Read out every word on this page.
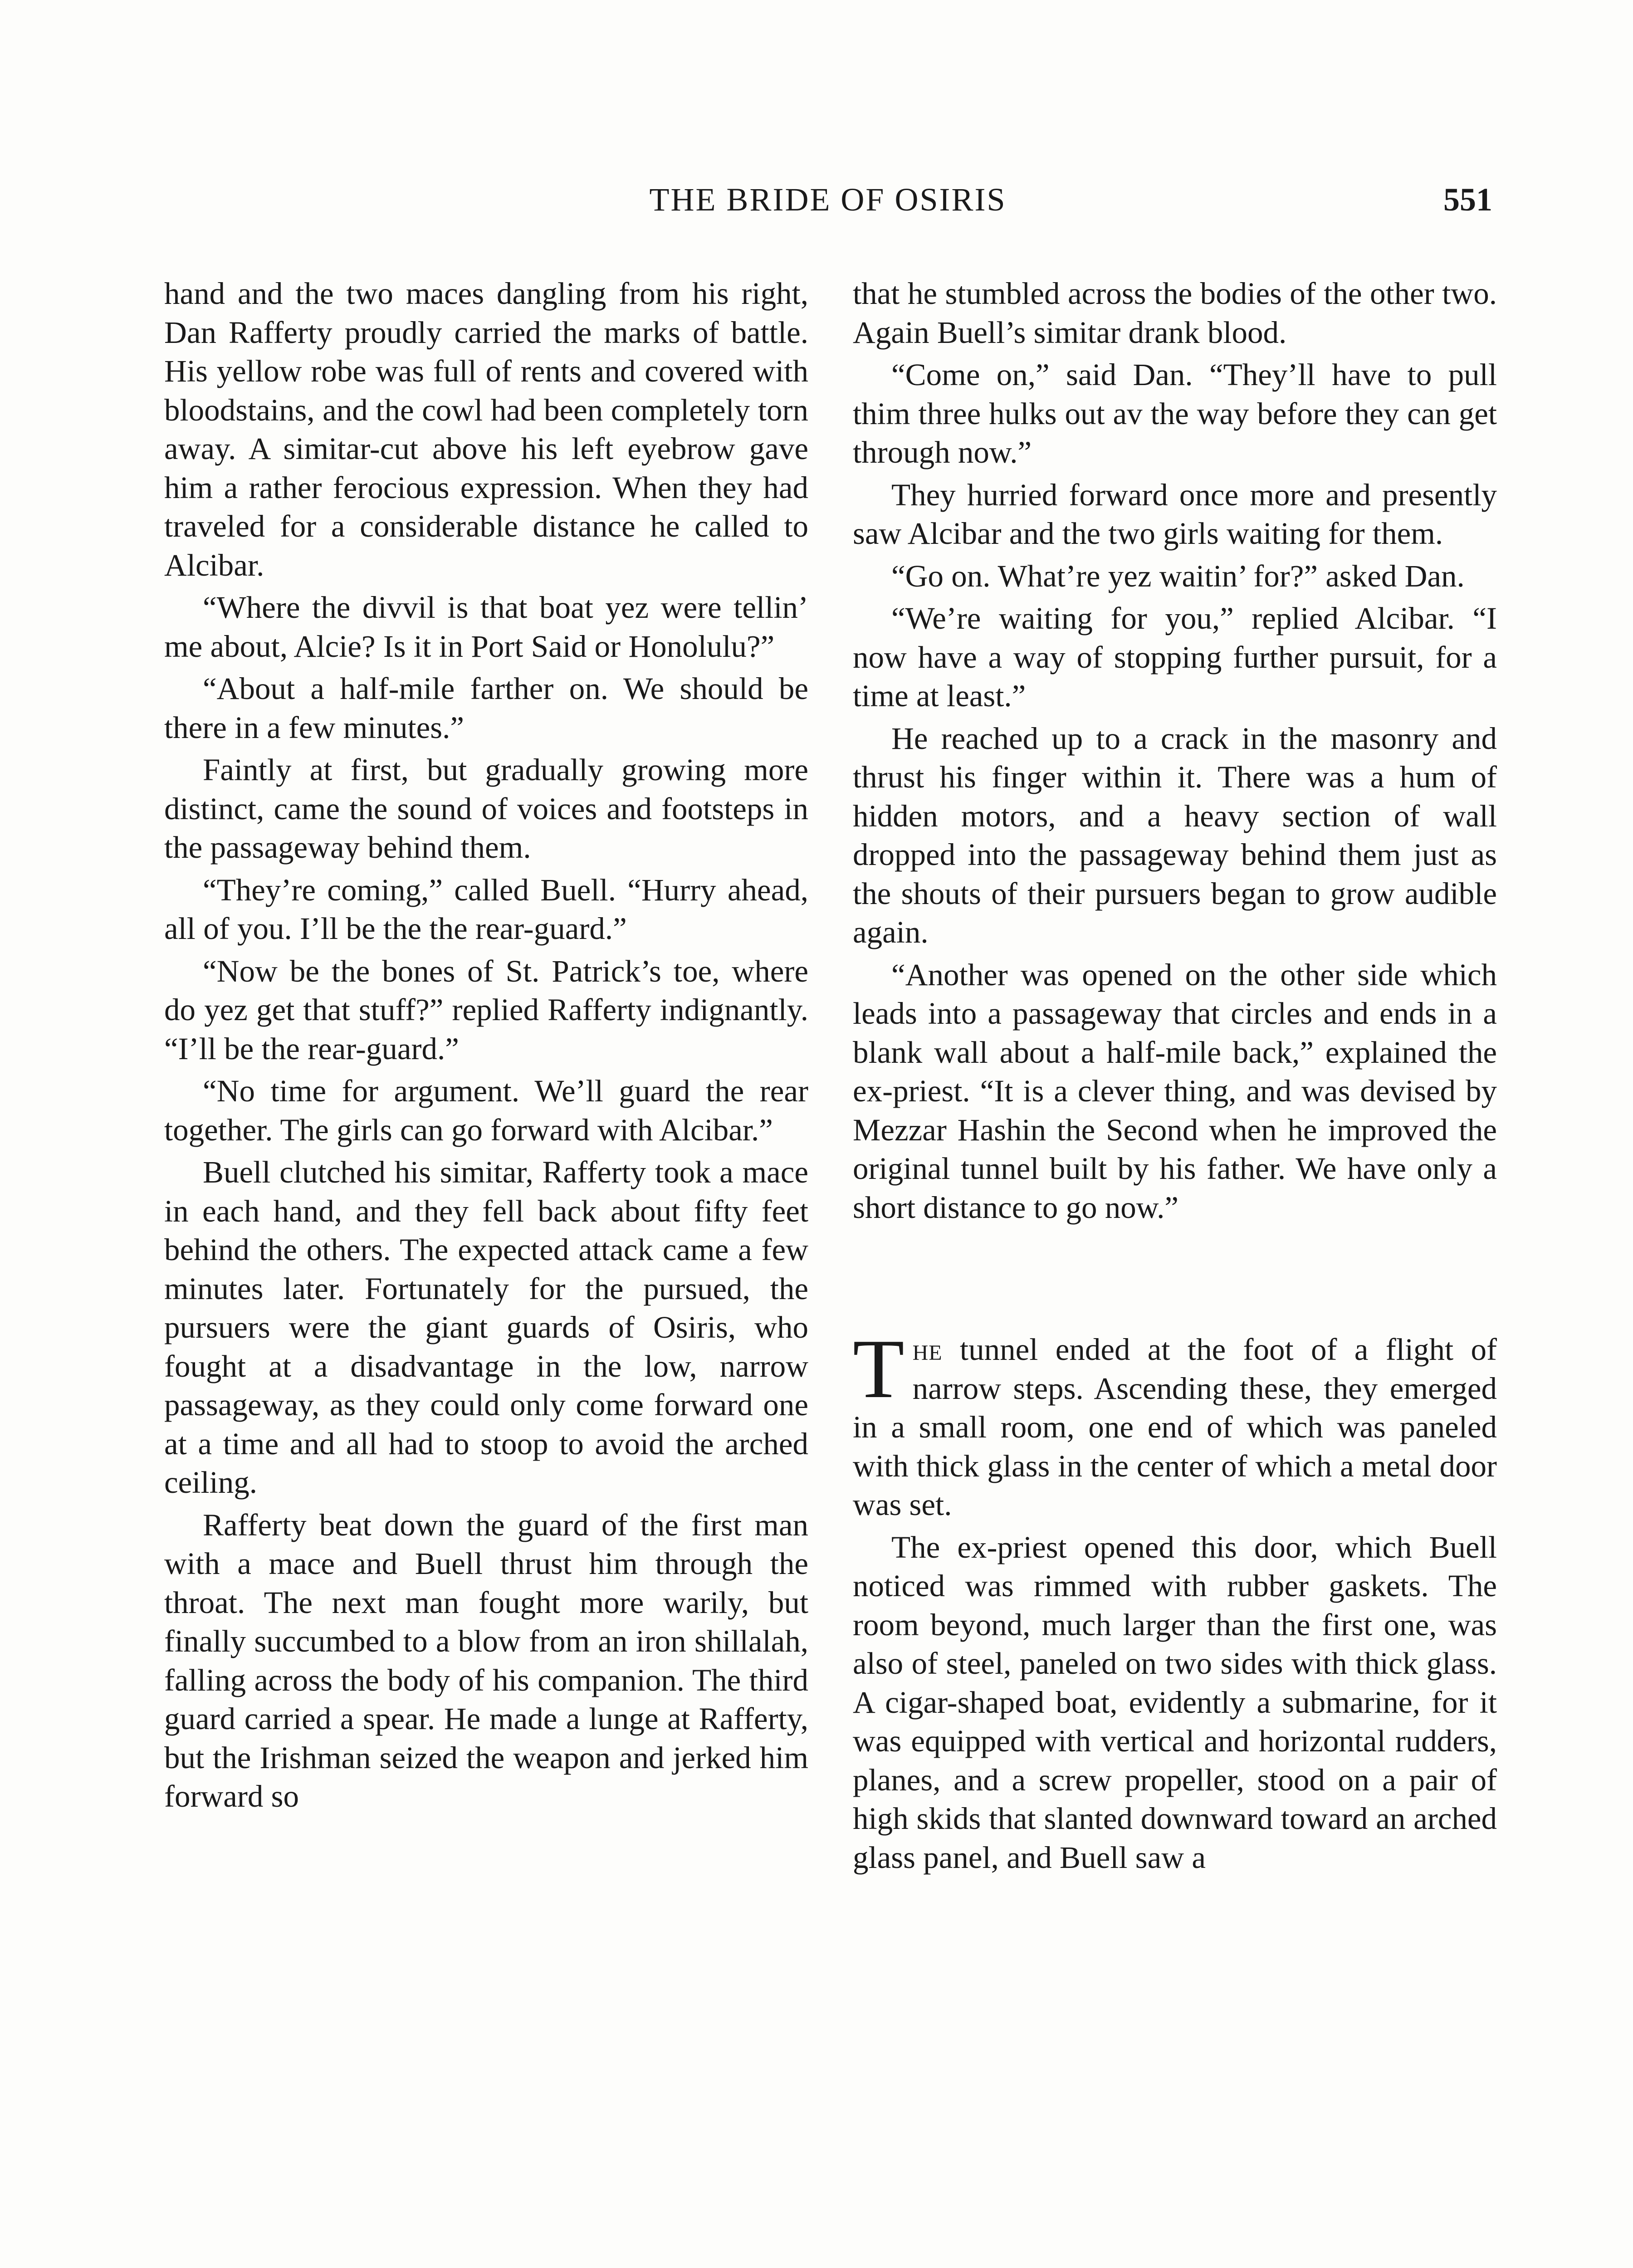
THE BRIDE OF OSIRIS	551

hand and the two maces dangling from his right, Dan Rafferty proudly carried the marks of battle. His yellow robe was full of rents and covered with bloodstains, and the cowl had been completely torn away. A simitar-cut above his left eyebrow gave him a rather ferocious expression. When they had traveled for a considerable distance he called to Alcibar.

“Where the divvil is that boat yez were tellin’ me about, Alcie? Is it in Port Said or Honolulu?”

“About a half-mile farther on. We should be there in a few minutes.”

Faintly at first, but gradually growing more distinct, came the sound of voices and footsteps in the passageway behind them.

“They’re coming,” called Buell. “Hurry ahead, all of you. I’ll be the the rear-guard.”

“Now be the bones of St. Patrick’s toe, where do yez get that stuff?” replied Rafferty indignantly. “I’ll be the rear-guard.”

“No time for argument. We’ll guard the rear together. The girls can go forward with Alcibar.”

Buell clutched his simitar, Rafferty took a mace in each hand, and they fell back about fifty feet behind the others. The expected attack came a few minutes later. Fortunately for the pursued, the pursuers were the giant guards of Osiris, who fought at a disadvantage in the low, narrow passageway, as they could only come forward one at a time and all had to stoop to avoid the arched ceiling.

Rafferty beat down the guard of the first man with a mace and Buell thrust him through the throat. The next man fought more warily, but finally succumbed to a blow from an iron shillalah, falling across the body of his companion. The third guard carried a spear. He made a lunge at Rafferty, but the Irishman seized the weapon and jerked him forward so

that he stumbled across the bodies of the other two. Again Buell’s simitar drank blood.

“Come on,” said Dan. “They’ll have to pull thim three hulks out av the way before they can get through now.”

They hurried forward once more and presently saw Alcibar and the two girls waiting for them.

“Go on. What’re yez waitin’ for?” asked Dan.

“We’re waiting for you,” replied Alcibar. “I now have a way of stopping further pursuit, for a time at least.”

He reached up to a crack in the masonry and thrust his finger within it. There was a hum of hidden motors, and a heavy section of wall dropped into the passageway behind them just as the shouts of their pursuers began to grow audible again.

“Another was opened on the other side which leads into a passageway that circles and ends in a blank wall about a half-mile back,” explained the ex-priest. “It is a clever thing, and was devised by Mezzar Hashin the Second when he improved the original tunnel built by his father. We have only a short distance to go now.”

The tunnel ended at the foot of a flight of narrow steps. Ascending these, they emerged in a small room, one end of which was paneled with thick glass in the center of which a metal door was set.

The ex-priest opened this door, which Buell noticed was rimmed with rubber gaskets. The room beyond, much larger than the first one, was also of steel, paneled on two sides with thick glass. A cigar-shaped boat, evidently a submarine, for it was equipped with vertical and horizontal rudders, planes, and a screw propeller, stood on a pair of high skids that slanted downward toward an arched glass panel, and Buell saw a
